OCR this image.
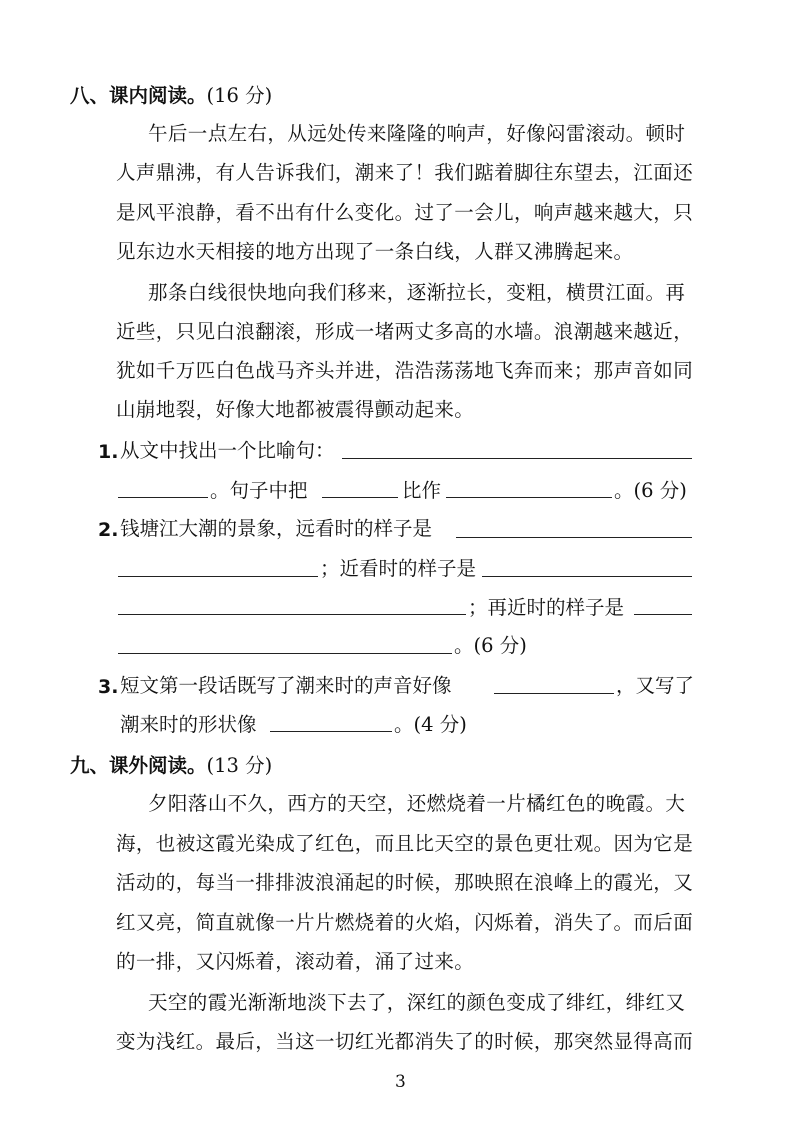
八、课内阅读。(16 分)
午后一点左右，从远处传来隆隆的响声，好像闷雷滚动。顿时
人声鼎沸，有人告诉我们，潮来了！我们踮着脚往东望去，江面还
是风平浪静，看不出有什么变化。过了一会儿，响声越来越大，只
见东边水天相接的地方出现了一条白线，人群又沸腾起来。
那条白线很快地向我们移来，逐渐拉长，变粗，横贯江面。再
近些，只见白浪翻滚，形成一堵两丈多高的水墙。浪潮越来越近，
犹如千万匹白色战马齐头并进，浩浩荡荡地飞奔而来；那声音如同
山崩地裂，好像大地都被震得颤动起来。
1. 从文中找出一个比喻句：
。句子中把	比作	。(6 分)
2. 钱塘江大潮的景象，远看时的样子是
；近看时的样子是
；再近时的样子是
。(6 分)
3. 短文第一段话既写了潮来时的声音好像	，又写了
潮来时的形状像	。(4 分)
九、课外阅读。(13 分)
夕阳落山不久，西方的天空，还燃烧着一片橘红色的晚霞。大
海，也被这霞光染成了红色，而且比天空的景色更壮观。因为它是
活动的，每当一排排波浪涌起的时候，那映照在浪峰上的霞光，又
红又亮，简直就像一片片燃烧着的火焰，闪烁着，消失了。而后面
的一排，又闪烁着，滚动着，涌了过来。
天空的霞光渐渐地淡下去了，深红的颜色变成了绯红，绯红又
变为浅红。最后，当这一切红光都消失了的时候，那突然显得高而
3
